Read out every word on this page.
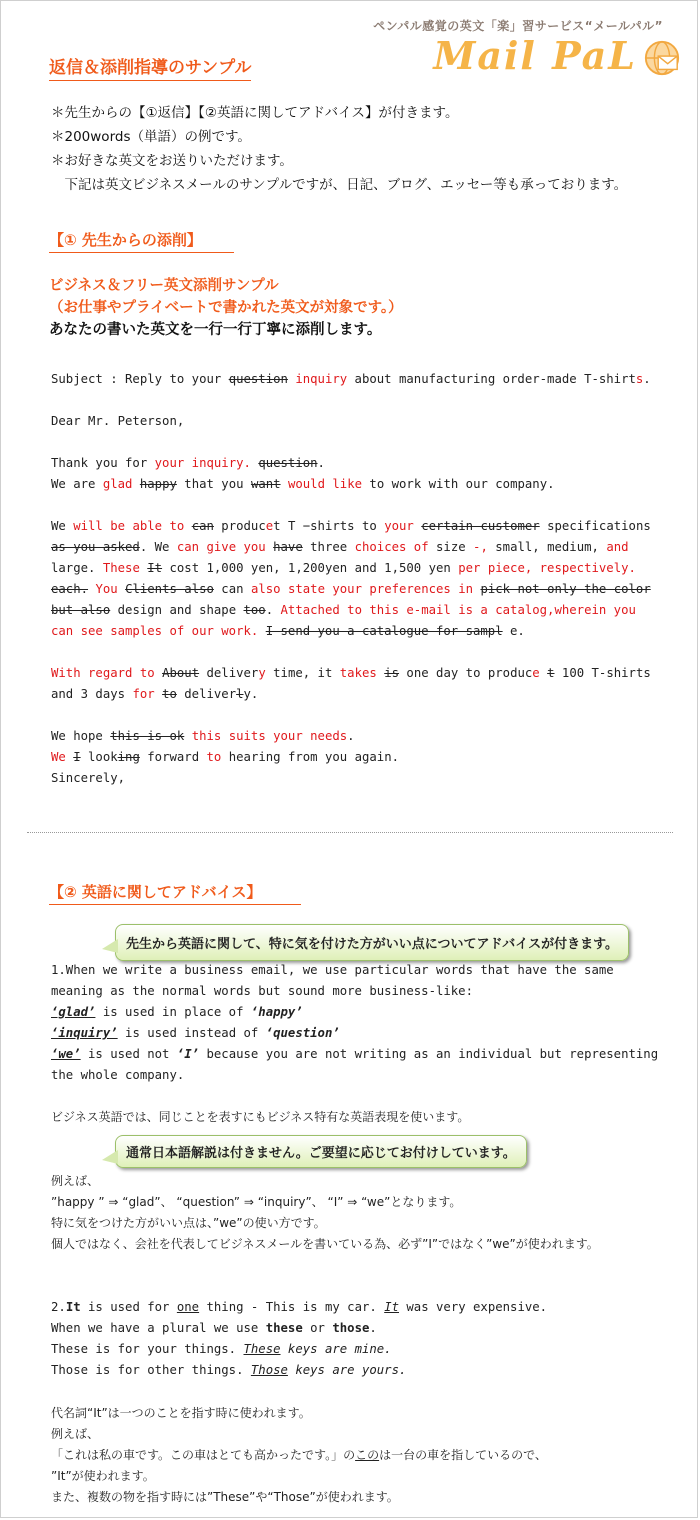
ペンパル感覚の英文「楽」習サービス“メールパル”
Mail PaL
返信＆添削指導のサンプル
＊先生からの【①返信】【②英語に関してアドバイス】が付きます。
＊200words（単語）の例です。
＊お好きな英文をお送りいただけます。
　下記は英文ビジネスメールのサンプルですが、日記、ブログ、エッセー等も承っております。
【① 先生からの添削】
ビジネス＆フリー英文添削サンプル
（お仕事やプライベートで書かれた英文が対象です。）
あなたの書いた英文を一行一行丁寧に添削します。

Subject : Reply to your question inquiry about manufacturing order-made T-shirts.

Dear Mr. Peterson,

Thank you for your inquiry. question.
We are glad happy that you want would like to work with our company.

We will be able to can producet T −shirts to your certain customer specifications
as you asked. We can give you have three choices of size -, small, medium, and
large. These It cost 1,000 yen, 1,200yen and 1,500 yen per piece, respectively.
each. You Clients also can also state your preferences in pick not only the color
but also design and shape too. Attached to this e-mail is a catalog,wherein you
can see samples of our work. I send you a catalogue for sampl e.

With regard to About delivery time, it takes is one day to produce t 100 T-shirts
and 3 days for to deliverly.

We hope this is ok this suits your needs.
We I looking forward to hearing from you again.
Sincerely,

【② 英語に関してアドバイス】
先生から英語に関して、特に気を付けた方がいい点についてアドバイスが付きます。
1.When we write a business email, we use particular words that have the same
meaning as the normal words but sound more business-like:
‘glad’ is used in place of ‘happy’
‘inquiry’ is used instead of ‘question’
‘we’ is used not ‘I’ because you are not writing as an individual but representing
the whole company.
ビジネス英語では、同じことを表すにもビジネス特有な英語表現を使います。
通常日本語解説は付きません。ご要望に応じてお付けしています。
例えば、
”happy ” ⇒ “glad”、 “question” ⇒ “inquiry”、 “I” ⇒ “we”となります。
特に気をつけた方がいい点は、”we”の使い方です。
個人ではなく、会社を代表してビジネスメールを書いている為、必ず”I”ではなく”we”が使われます。
2.It is used for one thing - This is my car. It was very expensive.
When we have a plural we use these or those.
These is for your things. These keys are mine.
Those is for other things. Those keys are yours.
代名詞“It”は一つのことを指す時に使われます。
例えば、
「これは私の車です。この車はとても高かったです。」のこのは一台の車を指しているので、
”It”が使われます。
また、複数の物を指す時には”These”や“Those”が使われます。
